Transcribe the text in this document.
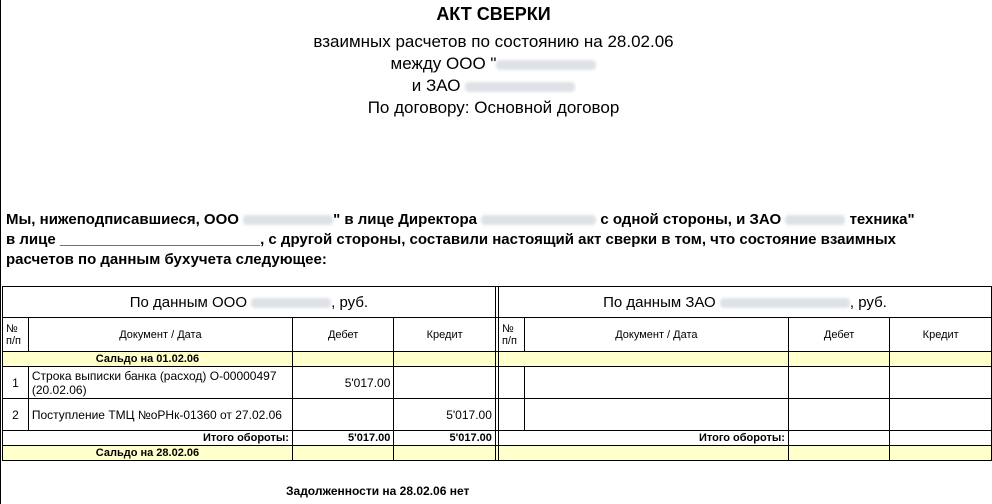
АКТ СВЕРКИ
взаимных расчетов по состоянию на 28.02.06
между ООО "
и ЗАО
По договору: Основной договор
Мы, нижеподписавшиеся, ООО	" в лице Директора	с одной стороны, и ЗАО	техника" в лице ________________________, с другой стороны, составили настоящий акт сверки в том, что состояние взаимных расчетов по данным бухучета следующее:
По данным ООО , руб.					По данным ЗАО , руб.			
№ п/п	Документ / Дата	Дебет	Кредит		№ п/п	Документ / Дата	Дебет	Кредит
Сальдо на 01.02.06								
1	Строка выписки банка (расход) О-00000497 (20.02.06)	5'017.00						
2	Поступление ТМЦ №оРНк-01360 от 27.02.06		5'017.00					
Итого обороты:		5'017.00	5'017.00		Итого обороты:			
Сальдо на 28.02.06								
Задолженности на 28.02.06 нет
